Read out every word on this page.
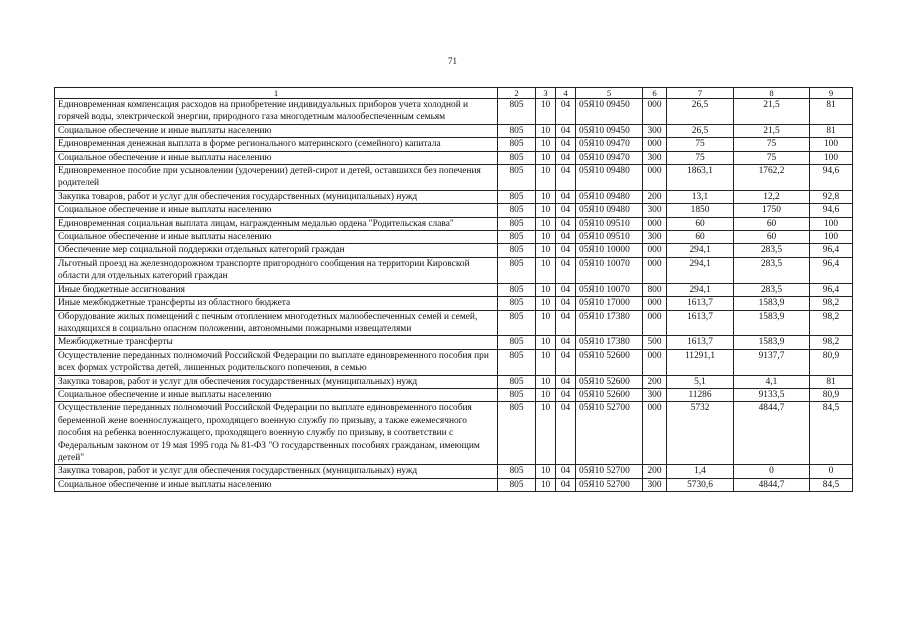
71
1	2	3	4	5	6	7	8	9
Единовременная компенсация расходов на приобретение индивидуальных приборов учета холодной и горячей воды, электрической энергии, природного газа многодетным малообеспеченным семьям	805	10	04	05Я10 09450	000	26,5	21,5	81
Социальное обеспечение и иные выплаты населению	805	10	04	05Я10 09450	300	26,5	21,5	81
Единовременная денежная выплата в форме регионального материнского (семейного) капитала	805	10	04	05Я10 09470	000	75	75	100
Социальное обеспечение и иные выплаты населению	805	10	04	05Я10 09470	300	75	75	100
Единовременное пособие при усыновлении (удочерении) детей-сирот и детей, оставшихся без попечения родителей	805	10	04	05Я10 09480	000	1863,1	1762,2	94,6
Закупка товаров, работ и услуг для обеспечения государственных (муниципальных) нужд	805	10	04	05Я10 09480	200	13,1	12,2	92,8
Социальное обеспечение и иные выплаты населению	805	10	04	05Я10 09480	300	1850	1750	94,6
Единовременная социальная выплата лицам, награжденным медалью ордена "Родительская слава"	805	10	04	05Я10 09510	000	60	60	100
Социальное обеспечение и иные выплаты населению	805	10	04	05Я10 09510	300	60	60	100
Обеспечение мер социальной поддержки отдельных категорий граждан	805	10	04	05Я10 10000	000	294,1	283,5	96,4
Льготный проезд на железнодорожном транспорте пригородного сообщения на территории Кировской области для отдельных категорий граждан	805	10	04	05Я10 10070	000	294,1	283,5	96,4
Иные бюджетные ассигнования	805	10	04	05Я10 10070	800	294,1	283,5	96,4
Иные межбюджетные трансферты из областного бюджета	805	10	04	05Я10 17000	000	1613,7	1583,9	98,2
Оборудование жилых помещений с печным отоплением многодетных малообеспеченных семей и семей, находящихся в социально опасном положении, автономными пожарными извещателями	805	10	04	05Я10 17380	000	1613,7	1583,9	98,2
Межбюджетные трансферты	805	10	04	05Я10 17380	500	1613,7	1583,9	98,2
Осуществление переданных полномочий Российской Федерации по выплате единовременного пособия при всех формах устройства детей, лишенных родительского попечения, в семью	805	10	04	05Я10 52600	000	11291,1	9137,7	80,9
Закупка товаров, работ и услуг для обеспечения государственных (муниципальных) нужд	805	10	04	05Я10 52600	200	5,1	4,1	81
Социальное обеспечение и иные выплаты населению	805	10	04	05Я10 52600	300	11286	9133,5	80,9
Осуществление переданных полномочий Российской Федерации по выплате единовременного пособия беременной жене военнослужащего, проходящего военную службу по призыву, а также ежемесячного пособия на ребенка военнослужащего, проходящего военную службу по призыву, в соответствии с Федеральным законом от 19 мая 1995 года № 81-ФЗ "О государственных пособиях гражданам, имеющим детей"	805	10	04	05Я10 52700	000	5732	4844,7	84,5
Закупка товаров, работ и услуг для обеспечения государственных (муниципальных) нужд	805	10	04	05Я10 52700	200	1,4	0	0
Социальное обеспечение и иные выплаты населению	805	10	04	05Я10 52700	300	5730,6	4844,7	84,5
